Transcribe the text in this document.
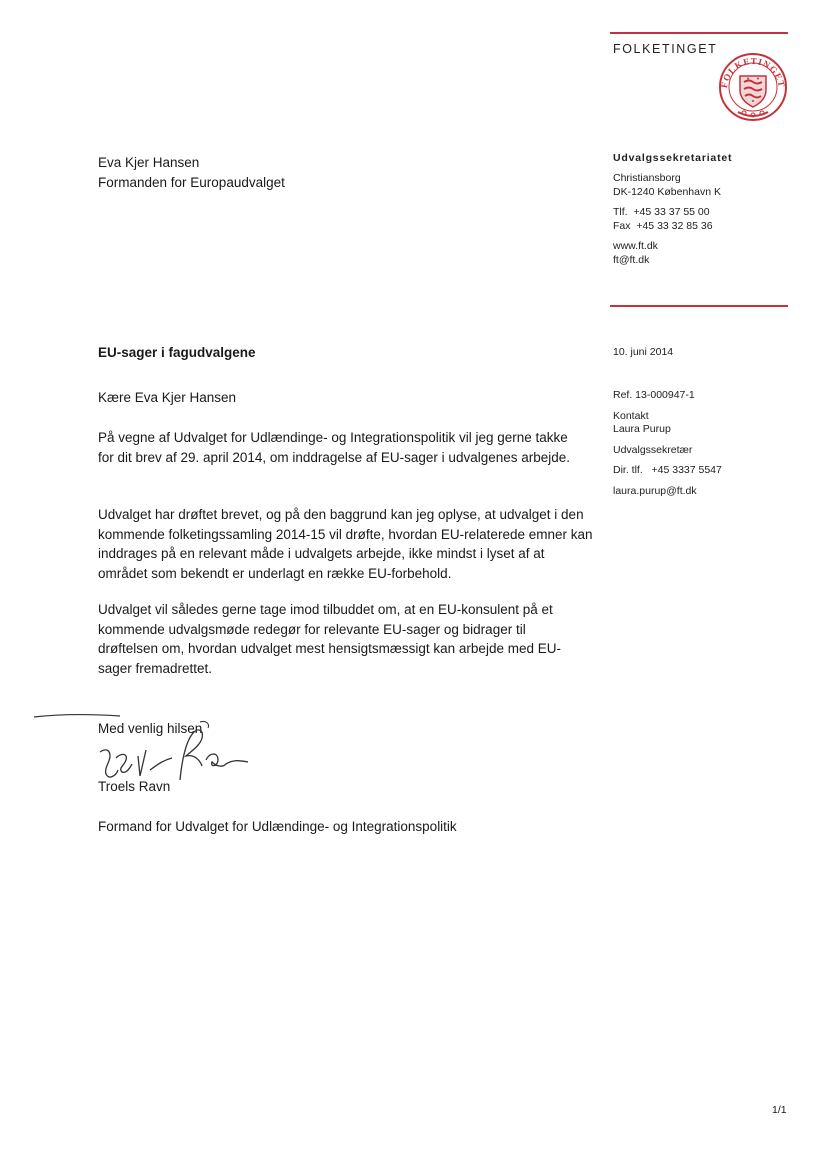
FOLKETINGET
FOLKETINGET
Eva Kjer Hansen
Formanden for Europaudvalget
Udvalgssekretariatet
Christiansborg
DK-1240 København K
Tlf.  +45 33 37 55 00
Fax  +45 33 32 85 36
www.ft.dk
ft@ft.dk
EU-sager i fagudvalgene	10. juni 2014
Kære Eva Kjer Hansen	Ref. 13-000947-1
Kontakt
Laura Purup
Udvalgssekretær
Dir. tlf.   +45 3337 5547
laura.purup@ft.dk
På vegne af Udvalget for Udlændinge- og Integrationspolitik vil jeg gerne takke for dit brev af 29. april 2014, om inddragelse af EU-sager i udvalgenes arbejde.
Udvalget har drøftet brevet, og på den baggrund kan jeg oplyse, at udvalget i den kommende folketingssamling 2014-15 vil drøfte, hvordan EU-relaterede emner kan inddrages på en relevant måde i udvalgets arbejde, ikke mindst i lyset af at området som bekendt er underlagt en række EU-forbehold.
Udvalget vil således gerne tage imod tilbuddet om, at en EU-konsulent på et kommende udvalgsmøde redegør for relevante EU-sager og bidrager til drøftelsen om, hvordan udvalget mest hensigtsmæssigt kan arbejde med EU-sager fremadrettet.
Med venlig hilsen
Troels Ravn
Formand for Udvalget for Udlændinge- og Integrationspolitik
1/1
